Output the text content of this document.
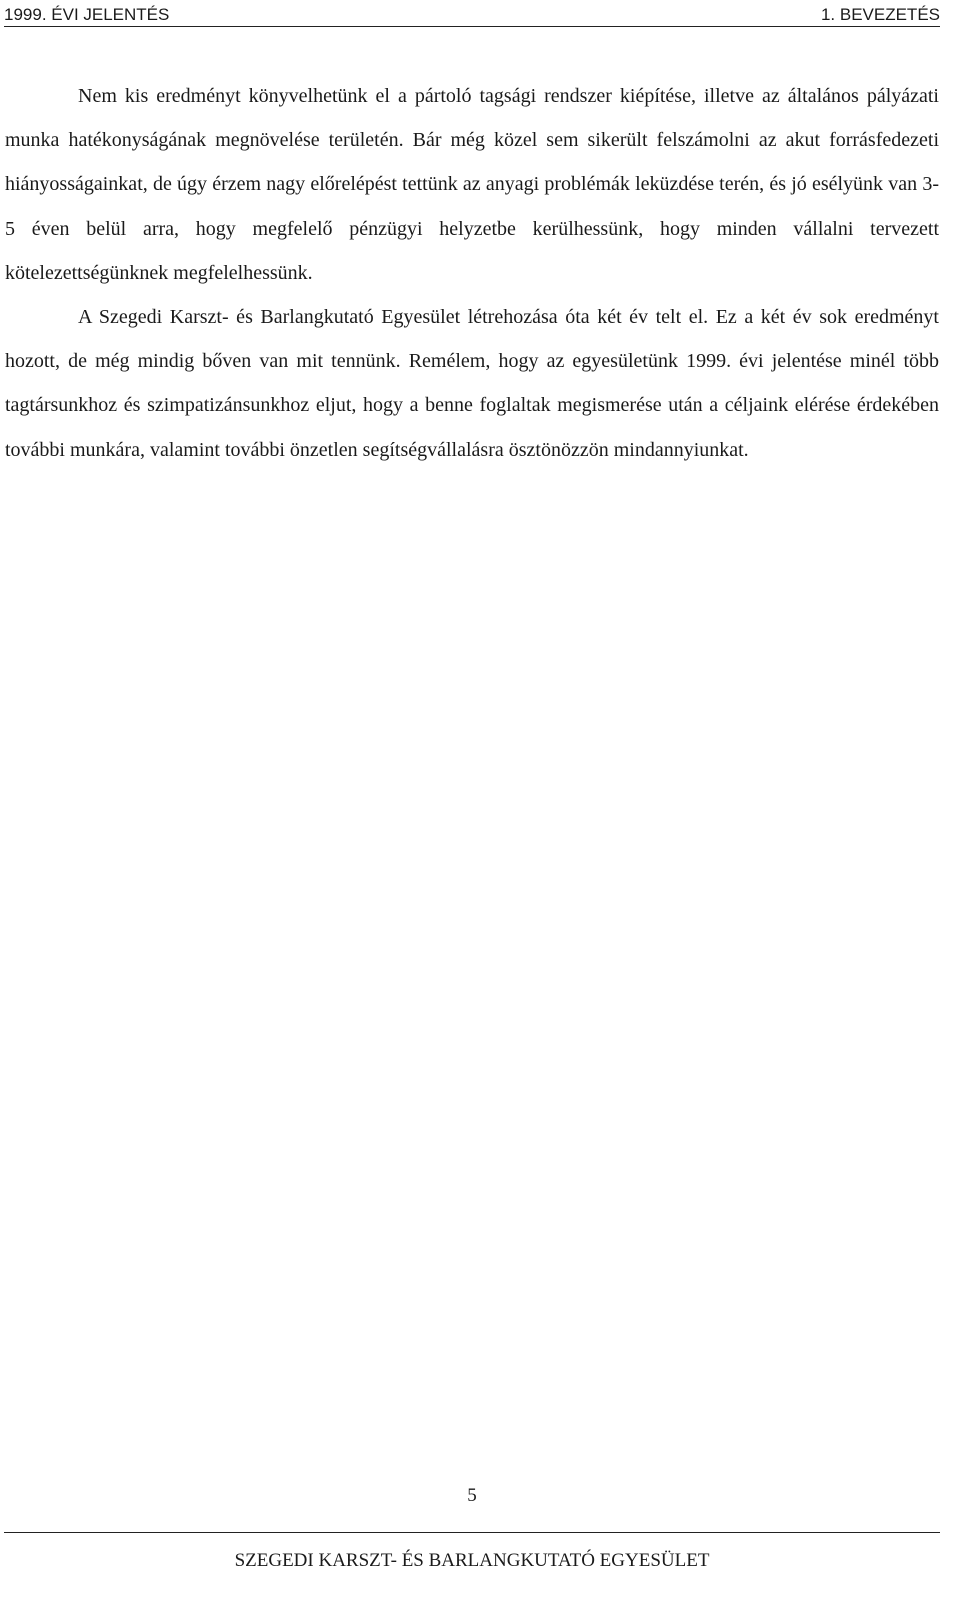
1999. ÉVI JELENTÉS	1. BEVEZETÉS

Nem kis eredményt könyvelhetünk el a pártoló tagsági rendszer kiépítése, illetve az általános pályázati munka hatékonyságának megnövelése területén. Bár még közel sem sikerült felszámolni az akut forrásfedezeti hiányosságainkat, de úgy érzem nagy előrelépést tettünk az anyagi problémák leküzdése terén, és jó esélyünk van 3-5 éven belül arra, hogy megfelelő pénzügyi helyzetbe kerülhessünk, hogy minden vállalni tervezett kötelezettségünknek megfelelhessünk.

A Szegedi Karszt- és Barlangkutató Egyesület létrehozása óta két év telt el. Ez a két év sok eredményt hozott, de még mindig bőven van mit tennünk. Remélem, hogy az egyesületünk 1999. évi jelentése minél több tagtársunkhoz és szimpatizánsunkhoz eljut, hogy a benne foglaltak megismerése után a céljaink elérése érdekében további munkára, valamint további önzetlen segítségvállalásra ösztönözzön mindannyiunkat.

5
SZEGEDI KARSZT- ÉS BARLANGKUTATÓ EGYESÜLET
